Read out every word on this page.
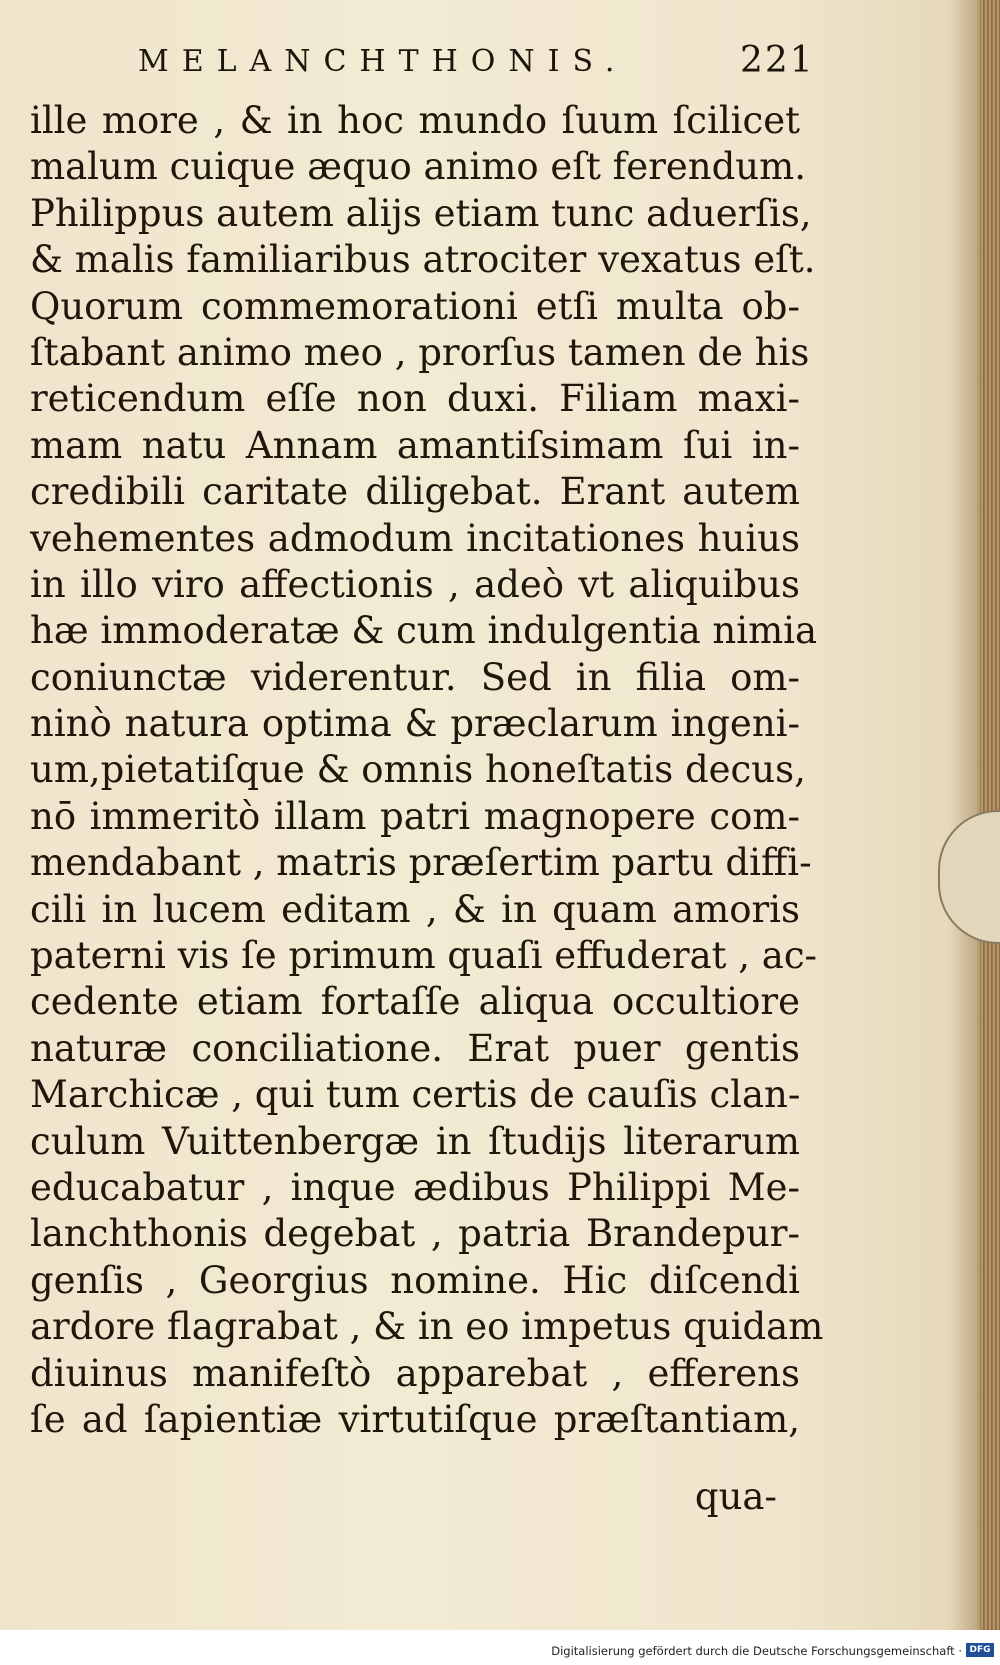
MELANCHTHONIS.	221
ille more , & in hoc mundo ſuum ſcilicet
malum cuique æquo animo eſt ferendum.
Philippus autem alijs etiam tunc aduerſis,
& malis familiaribus atrociter vexatus eſt.
Quorum commemorationi etſi multa ob-
ſtabant animo meo , prorſus tamen de his
reticendum eſſe non duxi. Filiam maxi-
mam natu Annam amantiſsimam ſui in-
credibili caritate diligebat. Erant autem
vehementes admodum incitationes huius
in illo viro affectionis , adeò vt aliquibus
hæ immoderatæ & cum indulgentia nimia
coniunctæ viderentur. Sed in filia om-
ninò natura optima & præclarum ingeni-
um,pietatiſque & omnis honeſtatis decus,
nō immeritò illam patri magnopere com-
mendabant , matris præſertim partu diffi-
cili in lucem editam , & in quam amoris
paterni vis ſe primum quaſi effuderat , ac-
cedente etiam fortaſſe aliqua occultiore
naturæ conciliatione. Erat puer gentis
Marchicæ , qui tum certis de cauſis clan-
culum Vuittenbergæ in ſtudijs literarum
educabatur , inque ædibus Philippi Me-
lanchthonis degebat , patria Brandepur-
genſis , Georgius nomine. Hic diſcendi
ardore flagrabat , & in eo impetus quidam
diuinus manifeſtò apparebat , efferens
ſe ad ſapientiæ virtutiſque præſtantiam,
qua-
Digitalisierung gefördert durch die Deutsche Forschungsgemeinschaft · DFG
